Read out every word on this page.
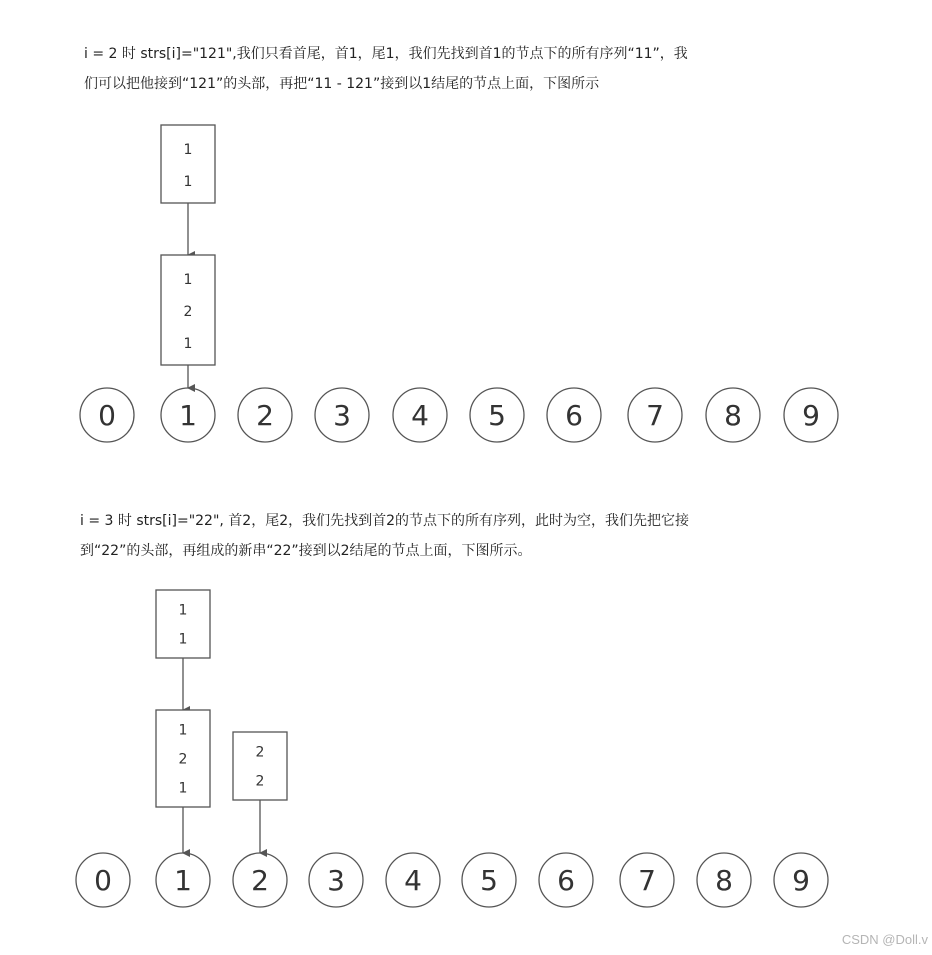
i = 2 时 strs[i]="121",我们只看首尾，首1，尾1，我们先找到首1的节点下的所有序列“11”，我
们可以把他接到“121”的头部，再把“11 - 121”接到以1结尾的节点上面，下图所示
0 1 2 3 4 5 6 7 8 9
1
1
1
2
1
i = 3 时 strs[i]="22", 首2，尾2，我们先找到首2的节点下的所有序列，此时为空，我们先把它接
到“22”的头部，再组成的新串“22”接到以2结尾的节点上面，下图所示。
0 1 2 3 4 5 6 7 8 9
1
1
1
2
1
2
2
CSDN @Doll.v
